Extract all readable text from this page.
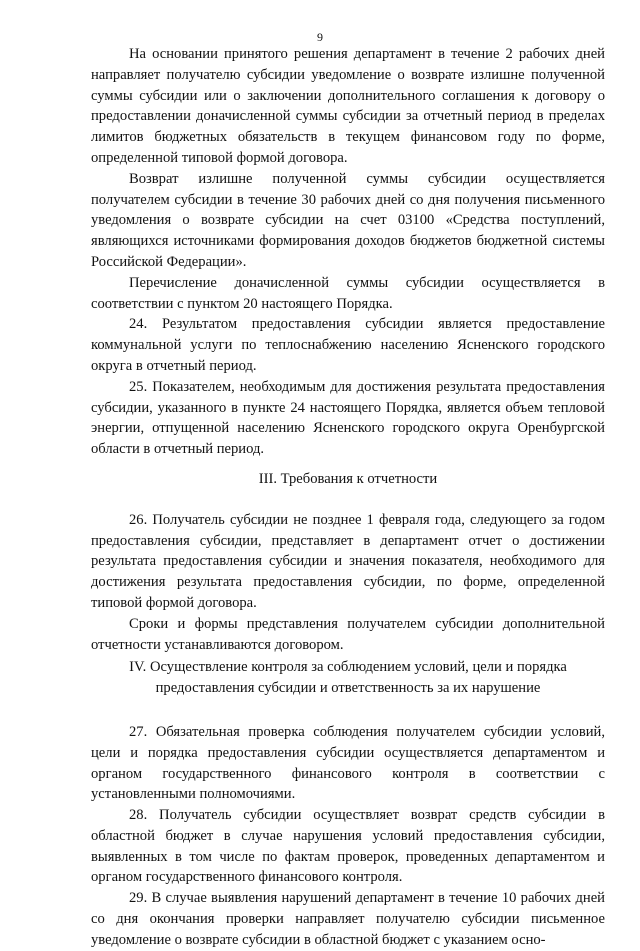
9

На основании принятого решения департамент в течение 2 рабочих дней направляет получателю субсидии уведомление о возврате излишне полученной суммы субсидии или о заключении дополнительного соглашения к договору о предоставлении доначисленной суммы субсидии за отчетный период в пределах лимитов бюджетных обязательств в текущем финансовом году по форме, определенной типовой формой договора.

Возврат излишне полученной суммы субсидии осуществляется получателем субсидии в течение 30 рабочих дней со дня получения письменного уведомления о возврате субсидии на счет 03100 «Средства поступлений, являющихся источниками формирования доходов бюджетов бюджетной системы Российской Федерации».

Перечисление доначисленной суммы субсидии осуществляется в соответствии с пунктом 20 настоящего Порядка.

24. Результатом предоставления субсидии является предоставление коммунальной услуги по теплоснабжению населению Ясненского городского округа в отчетный период.

25. Показателем, необходимым для достижения результата предоставления субсидии, указанного в пункте 24 настоящего Порядка, является объем тепловой энергии, отпущенной населению Ясненского городского округа Оренбургской области в отчетный период.

III. Требования к отчетности

26. Получатель субсидии не позднее 1 февраля года, следующего за годом предоставления субсидии, представляет в департамент отчет о достижении результата предоставления субсидии и значения показателя, необходимого для достижения результата предоставления субсидии, по форме, определенной типовой формой договора.

Сроки и формы представления получателем субсидии дополнительной отчетности устанавливаются договором.

IV. Осуществление контроля за соблюдением условий, цели и порядка
предоставления субсидии и ответственность за их нарушение

27. Обязательная проверка соблюдения получателем субсидии условий, цели и порядка предоставления субсидии осуществляется департаментом и органом государственного финансового контроля в соответствии с установленными полномочиями.

28. Получатель субсидии осуществляет возврат средств субсидии в областной бюджет в случае нарушения условий предоставления субсидии, выявленных в том числе по фактам проверок, проведенных департаментом и органом государственного финансового контроля.

29. В случае выявления нарушений департамент в течение 10 рабочих дней со дня окончания проверки направляет получателю субсидии письменное уведомление о возврате субсидии в областной бюджет с указанием осно-
